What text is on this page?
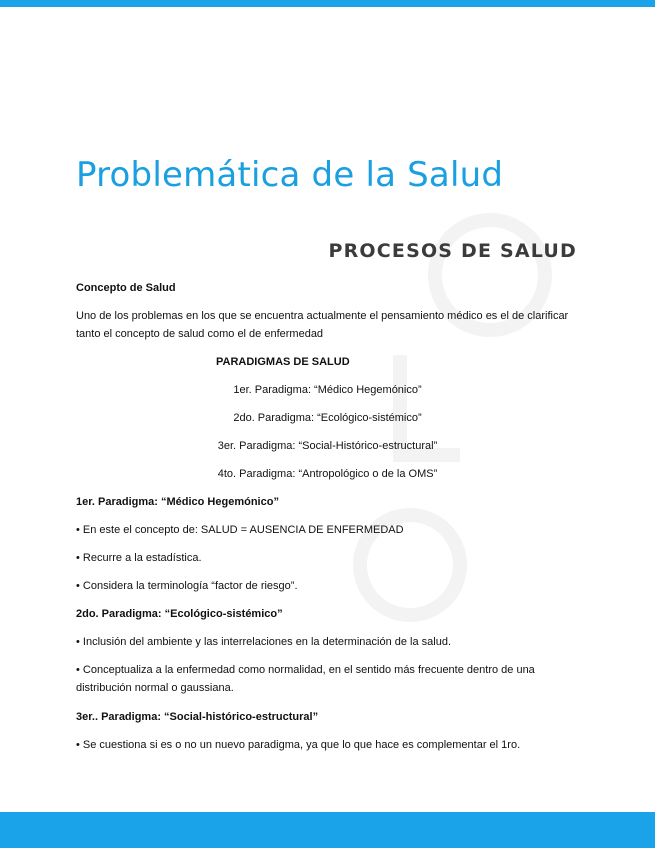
Problemática de la Salud
PROCESOS DE SALUD

Concepto de Salud

Uno de los problemas en los que se encuentra actualmente el pensamiento médico es el de clarificar tanto el concepto de salud como el de enfermedad

PARADIGMAS DE SALUD

1er. Paradigma: “Médico Hegemónico”

2do. Paradigma: “Ecológico-sistémico”

3er. Paradigma: “Social-Histórico-estructural”

4to. Paradigma: “Antropológico o de la OMS”

1er. Paradigma: “Médico Hegemónico”

• En este el concepto de: SALUD = AUSENCIA DE ENFERMEDAD

• Recurre a la estadística.

• Considera la terminología “factor de riesgo”.

2do. Paradigma: “Ecológico-sistémico”

• Inclusión del ambiente y las interrelaciones en la determinación de la salud.

• Conceptualiza a la enfermedad como normalidad, en el sentido más frecuente dentro de una distribución normal o gaussiana.

3er.. Paradigma: “Social-histórico-estructural”

• Se cuestiona si es o no un nuevo paradigma, ya que lo que hace es complementar el 1ro.
